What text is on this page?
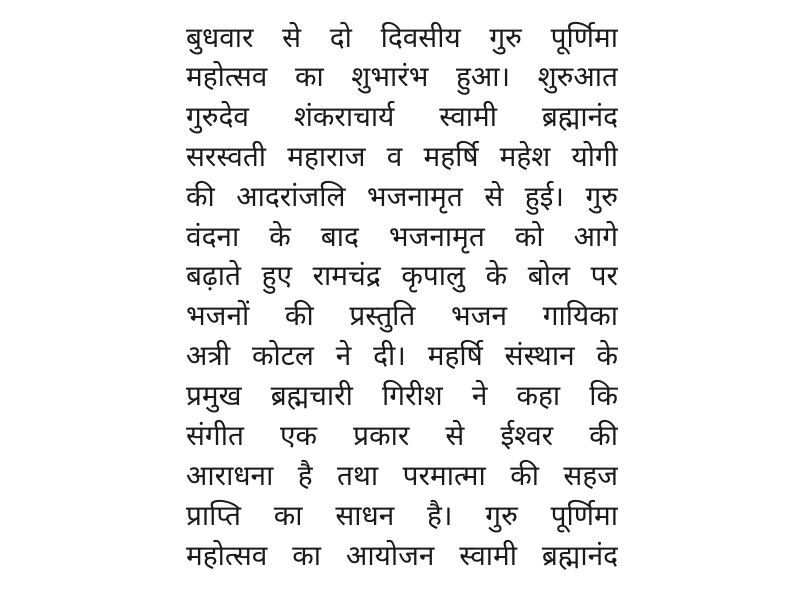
बुधवार से दो दिवसीय गुरु पूर्णिमा
महोत्सव का शुभारंभ हुआ। शुरुआत
गुरुदेव शंकराचार्य स्वामी ब्रह्मानंद
सरस्वती महाराज व महर्षि महेश योगी
की आदरांजलि भजनामृत से हुई। गुरु
वंदना के बाद भजनामृत को आगे
बढ़ाते हुए रामचंद्र कृपालु के बोल पर
भजनों की प्रस्तुति भजन गायिका
अत्री कोटल ने दी। महर्षि संस्थान के
प्रमुख ब्रह्मचारी गिरीश ने कहा कि
संगीत एक प्रकार से ईश्वर की
आराधना है तथा परमात्मा की सहज
प्राप्ति का साधन है। गुरु पूर्णिमा
महोत्सव का आयोजन स्वामी ब्रह्मानंद
